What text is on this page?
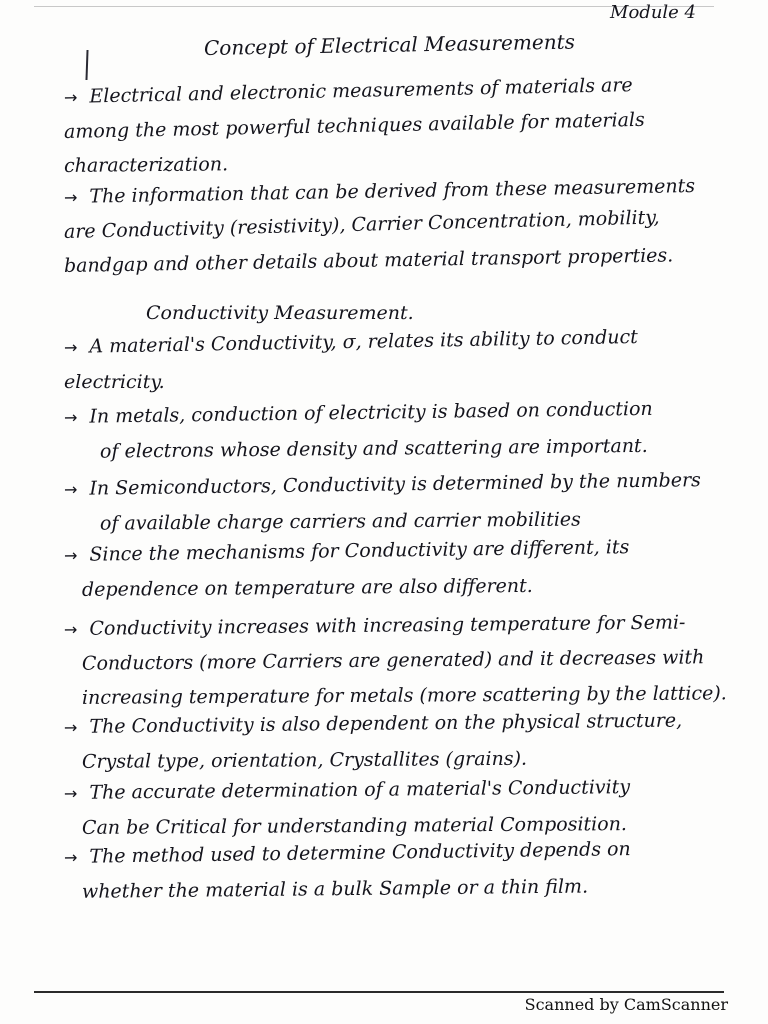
Module 4
Concept of Electrical Measurements
→ Electrical and electronic measurements of materials are
among the most powerful techniques available for materials
characterization.
→ The information that can be derived from these measurements
are Conductivity (resistivity), Carrier Concentration, mobility,
bandgap and other details about material transport properties.
Conductivity Measurement.
→ A material's Conductivity, σ, relates its ability to conduct
electricity.
→ In metals, conduction of electricity is based on conduction
of electrons whose density and scattering are important.
→ In Semiconductors, Conductivity is determined by the numbers
of available charge carriers and carrier mobilities
→ Since the mechanisms for Conductivity are different, its
dependence on temperature are also different.
→ Conductivity increases with increasing temperature for Semi-
Conductors (more Carriers are generated) and it decreases with
increasing temperature for metals (more scattering by the lattice).
→ The Conductivity is also dependent on the physical structure,
Crystal type, orientation, Crystallites (grains).
→ The accurate determination of a material's Conductivity
Can be Critical for understanding material Composition.
→ The method used to determine Conductivity depends on
whether the material is a bulk Sample or a thin film.
Scanned by CamScanner
